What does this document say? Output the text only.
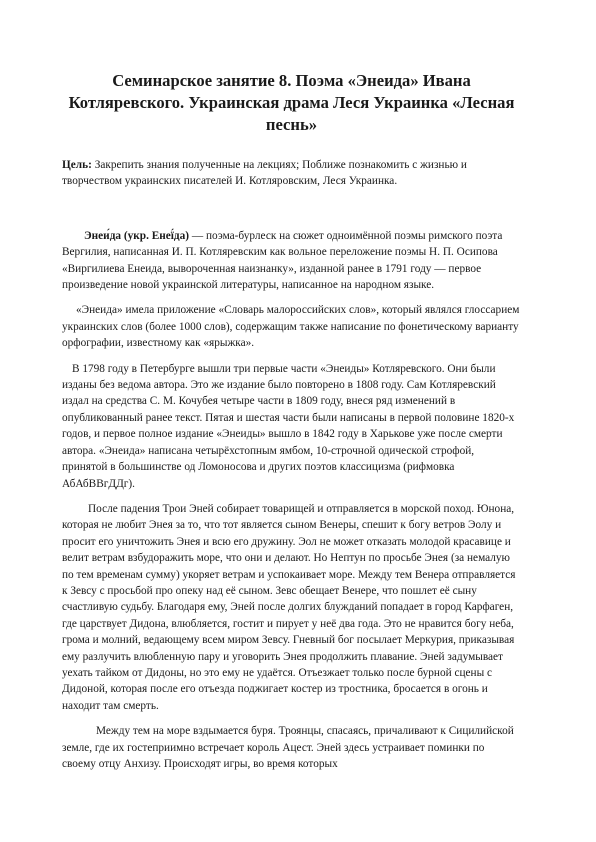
Семинарское занятие 8. Поэма «Энеида» Ивана Котляревского. Украинская драма Леся Украинка «Лесная песнь»

Цель: Закрепить знания полученные на лекциях; Поближе познакомить с жизнью и творчеством украинских писателей И. Котляровским, Леся Украинка.

Энеи́да (укр. Енеї́да) — поэма-бурлеск на сюжет одноимённой поэмы римского поэта Вергилия, написанная И. П. Котляревским как вольное переложение поэмы Н. П. Осипова «Виргилиева Енеида, вывороченная наизнанку», изданной ранее в 1791 году — первое произведение новой украинской литературы, написанное на народном языке.

«Энеида» имела приложение «Словарь малороссийских слов», который являлся глоссарием украинских слов (более 1000 слов), содержащим также написание по фонетическому варианту орфографии, известному как «ярыжка».

В 1798 году в Петербурге вышли три первые части «Энеиды» Котляревского. Они были изданы без ведома автора. Это же издание было повторено в 1808 году. Сам Котляревский издал на средства С. М. Кочубея четыре части в 1809 году, внеся ряд изменений в опубликованный ранее текст. Пятая и шестая части были написаны в первой половине 1820-х годов, и первое полное издание «Энеиды» вышло в 1842 году в Харькове уже после смерти автора. «Энеида» написана четырёхстопным ямбом, 10-строчной одической строфой, принятой в большинстве од Ломоносова и других поэтов классицизма (рифмовка АбАбВВгДДг).

После падения Трои Эней собирает товарищей и отправляется в морской поход. Юнона, которая не любит Энея за то, что тот является сыном Венеры, спешит к богу ветров Эолу и просит его уничтожить Энея и всю его дружину. Эол не может отказать молодой красавице и велит ветрам взбудоражить море, что они и делают. Но Нептун по просьбе Энея (за немалую по тем временам сумму) укоряет ветрам и успокаивает море. Между тем Венера отправляется к Зевсу с просьбой про опеку над её сыном. Зевс обещает Венере, что пошлет её сыну счастливую судьбу. Благодаря ему, Эней после долгих блужданий попадает в город Карфаген, где царствует Дидона, влюбляется, гостит и пирует у неё два года. Это не нравится богу неба, грома и молний, ведающему всем миром Зевсу. Гневный бог посылает Меркурия, приказывая ему разлучить влюбленную пару и уговорить Энея продолжить плавание. Эней задумывает уехать тайком от Дидоны, но это ему не удаётся. Отъезжает только после бурной сцены с Дидоной, которая после его отъезда поджигает костер из тростника, бросается в огонь и находит там смерть.

Между тем на море вздымается буря. Троянцы, спасаясь, причаливают к Сицилийской земле, где их гостеприимно встречает король Ацест. Эней здесь устраивает поминки по своему отцу Анхизу. Происходят игры, во время которых
